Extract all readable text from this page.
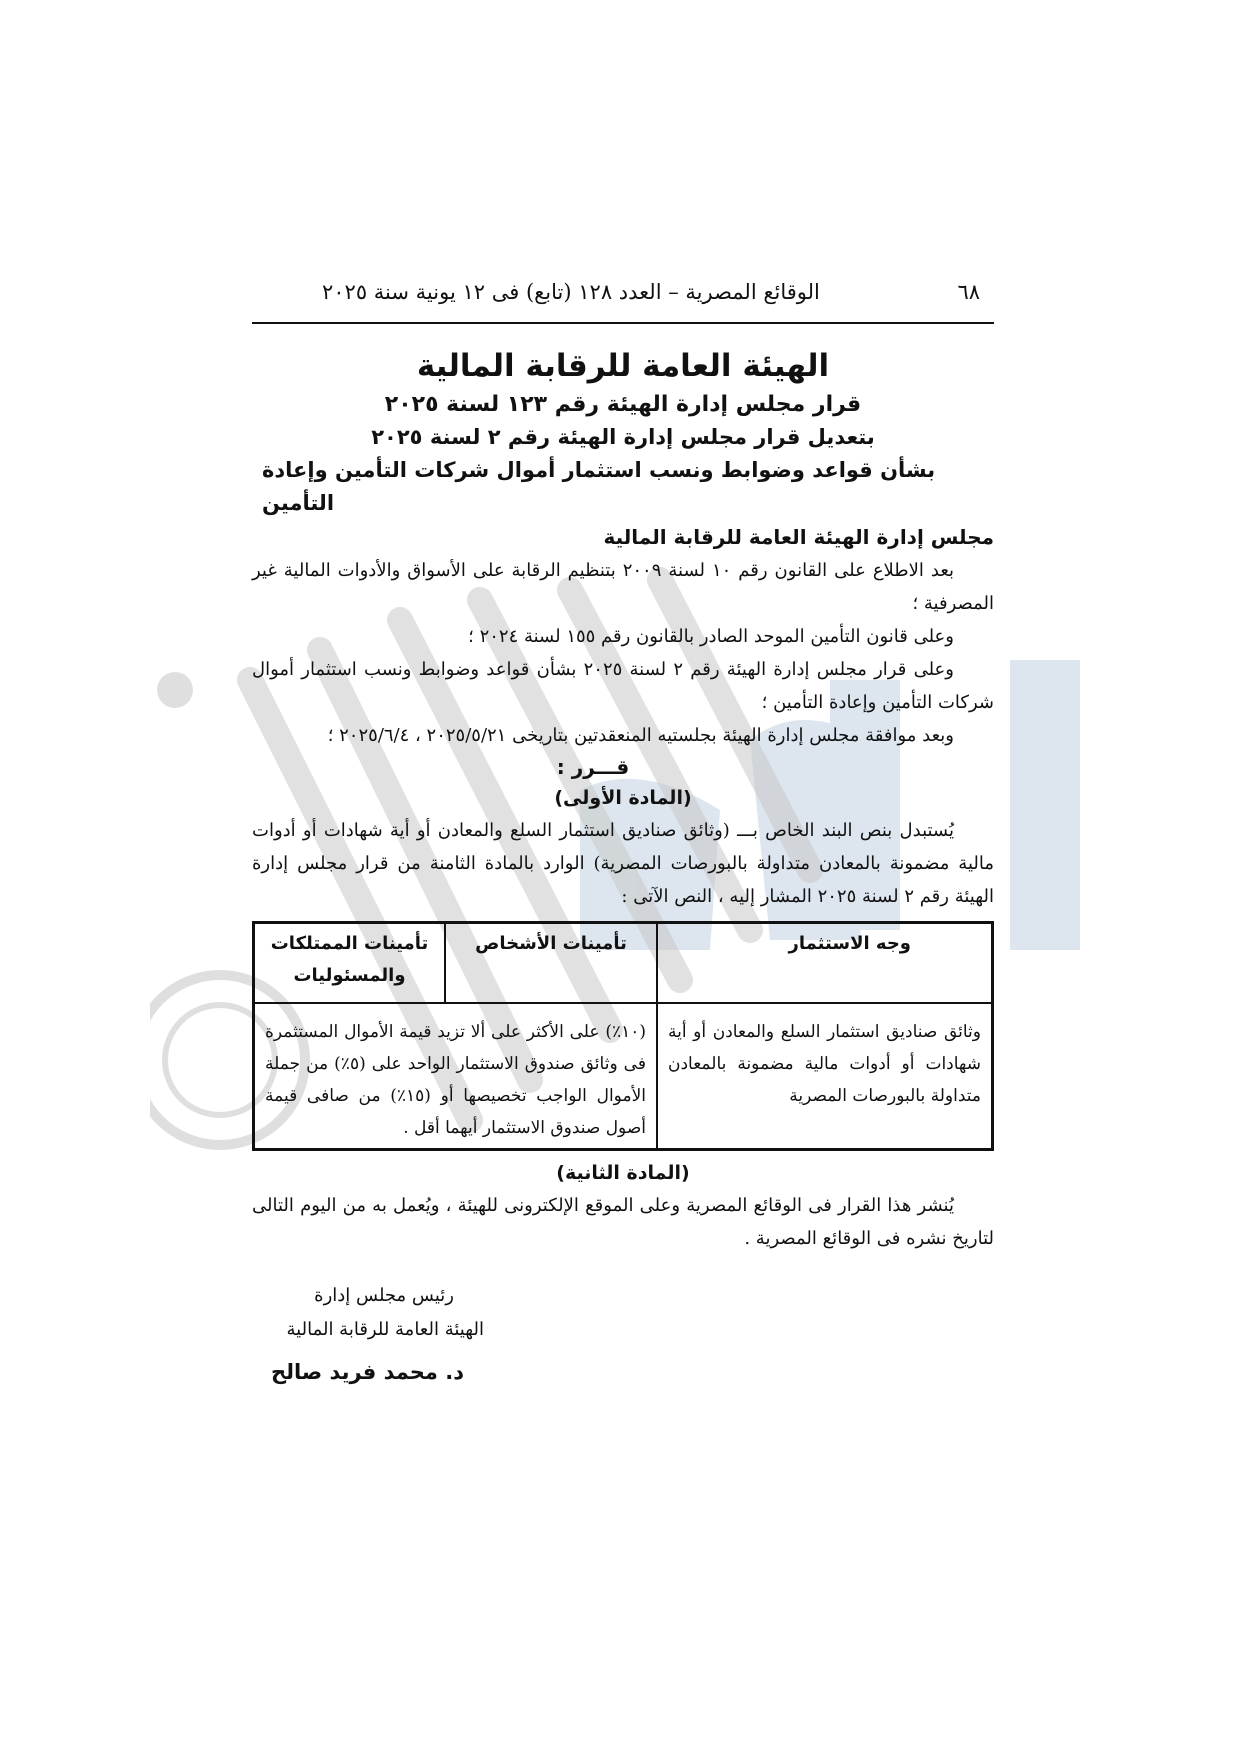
٦٨
الوقائع المصرية – العدد ١٢٨ (تابع) فى ١٢ يونية سنة ٢٠٢٥
الهيئة العامة للرقابة المالية
قرار مجلس إدارة الهيئة رقم ١٢٣ لسنة ٢٠٢٥
بتعديل قرار مجلس إدارة الهيئة رقم ٢ لسنة ٢٠٢٥
بشأن قواعد وضوابط ونسب استثمار أموال شركات التأمين وإعادة التأمين
مجلس إدارة الهيئة العامة للرقابة المالية

بعد الاطلاع على القانون رقم ١٠ لسنة ٢٠٠٩ بتنظيم الرقابة على الأسواق والأدوات المالية غير المصرفية ؛

وعلى قانون التأمين الموحد الصادر بالقانون رقم ١٥٥ لسنة ٢٠٢٤ ؛

وعلى قرار مجلس إدارة الهيئة رقم ٢ لسنة ٢٠٢٥ بشأن قواعد وضوابط ونسب استثمار أموال شركات التأمين وإعادة التأمين ؛

وبعد موافقة مجلس إدارة الهيئة بجلستيه المنعقدتين بتاريخى ٢٠٢٥/٥/٢١ ، ٢٠٢٥/٦/٤ ؛

قـــرر :
(المادة الأولى)

يُستبدل بنص البند الخاص بـــ (وثائق صناديق استثمار السلع والمعادن أو أية شهادات أو أدوات مالية مضمونة بالمعادن متداولة بالبورصات المصرية) الوارد بالمادة الثامنة من قرار مجلس إدارة الهيئة رقم ٢ لسنة ٢٠٢٥ المشار إليه ، النص الآتى :

وجه الاستثمار	تأمينات الأشخاص	تأمينات الممتلكات والمسئوليات
وثائق صناديق استثمار السلع والمعادن أو أية شهادات أو أدوات مالية مضمونة بالمعادن متداولة بالبورصات المصرية	(١٠٪) على الأكثر على ألا تزيد قيمة الأموال المستثمرة فى وثائق صندوق الاستثمار الواحد على (٥٪) من جملة الأموال الواجب تخصيصها أو (١٥٪) من صافى قيمة أصول صندوق الاستثمار أيهما أقل .	
(المادة الثانية)

يُنشر هذا القرار فى الوقائع المصرية وعلى الموقع الإلكترونى للهيئة ، ويُعمل به من اليوم التالى لتاريخ نشره فى الوقائع المصرية .

رئيس مجلس إدارة
الهيئة العامة للرقابة المالية
د. محمد فريد صالح
